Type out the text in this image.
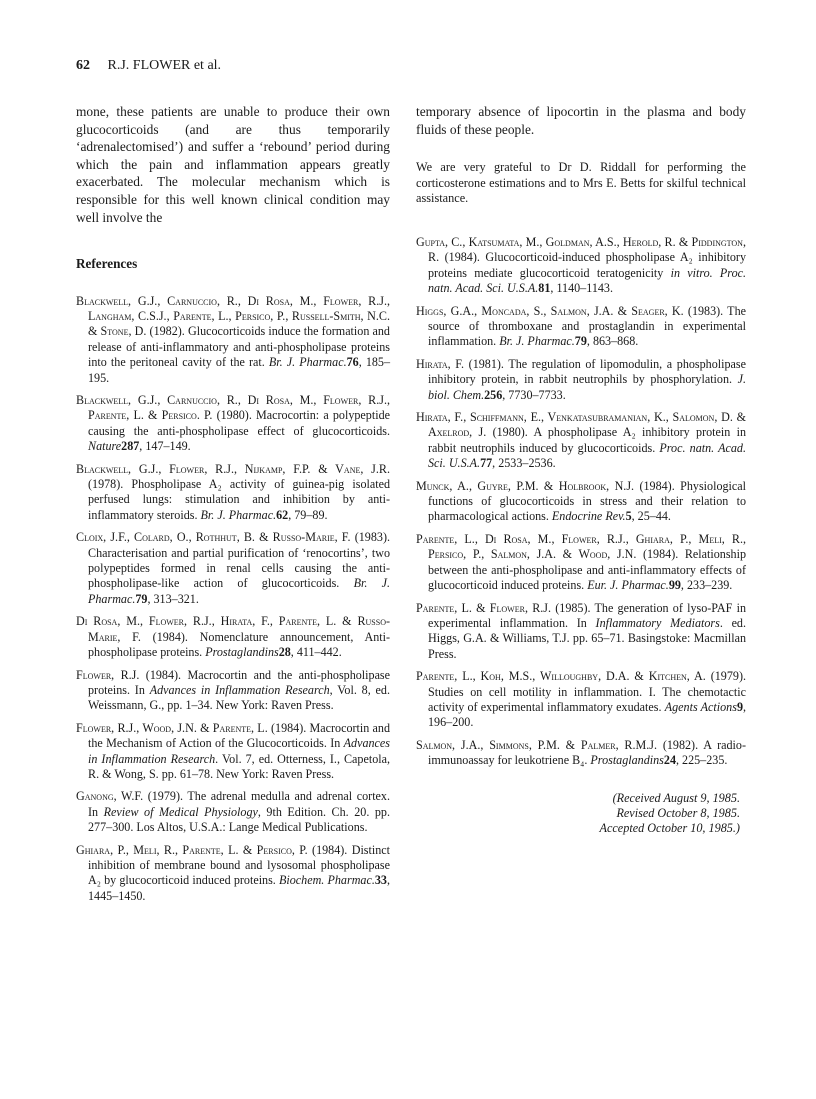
62 R.J. FLOWER et al.

mone, these patients are unable to produce their own glucocorticoids (and are thus temporarily ‘adrenalectomised’) and suffer a ‘rebound’ period during which the pain and inflammation appears greatly exacerbated. The molecular mechanism which is responsible for this well known clinical condition may well involve the

References

Blackwell, G.J., Carnuccio, R., Di Rosa, M., Flower, R.J., Langham, C.S.J., Parente, L., Persico, P., Russell-Smith, N.C. & Stone, D. (1982). Glucocorticoids induce the formation and release of anti-inflammatory and anti-phospholipase proteins into the peritoneal cavity of the rat. Br. J. Pharmac.76, 185–195.

Blackwell, G.J., Carnuccio, R., Di Rosa, M., Flower, R.J., Parente, L. & Persico. P. (1980). Macrocortin: a polypeptide causing the anti-phospholipase effect of glucocorticoids. Nature287, 147–149.

Blackwell, G.J., Flower, R.J., Nijkamp, F.P. & Vane, J.R. (1978). Phospholipase A₂ activity of guinea-pig isolated perfused lungs: stimulation and inhibition by anti-inflammatory steroids. Br. J. Pharmac.62, 79–89.

Cloix, J.F., Colard, O., Rothhut, B. & Russo-Marie, F. (1983). Characterisation and partial purification of ‘renocortins’, two polypeptides formed in renal cells causing the anti-phospholipase-like action of glucocorticoids. Br. J. Pharmac.79, 313–321.

Di Rosa, M., Flower, R.J., Hirata, F., Parente, L. & Russo-Marie, F. (1984). Nomenclature announcement, Anti-phospholipase proteins. Prostaglandins28, 411–442.

Flower, R.J. (1984). Macrocortin and the anti-phospholipase proteins. In Advances in Inflammation Research, Vol. 8, ed. Weissmann, G., pp. 1–34. New York: Raven Press.

Flower, R.J., Wood, J.N. & Parente, L. (1984). Macrocortin and the Mechanism of Action of the Glucocorticoids. In Advances in Inflammation Research. Vol. 7, ed. Otterness, I., Capetola, R. & Wong, S. pp. 61–78. New York: Raven Press.

Ganong, W.F. (1979). The adrenal medulla and adrenal cortex. In Review of Medical Physiology, 9th Edition. Ch. 20. pp. 277–300. Los Altos, U.S.A.: Lange Medical Publications.

Ghiara, P., Meli, R., Parente, L. & Persico, P. (1984). Distinct inhibition of membrane bound and lysosomal phospholipase A₂ by glucocorticoid induced proteins. Biochem. Pharmac.33, 1445–1450.

temporary absence of lipocortin in the plasma and body fluids of these people.

We are very grateful to Dr D. Riddall for performing the corticosterone estimations and to Mrs E. Betts for skilful technical assistance.

Gupta, C., Katsumata, M., Goldman, A.S., Herold, R. & Piddington, R. (1984). Glucocorticoid-induced phospholipase A₂ inhibitory proteins mediate glucocorticoid teratogenicity in vitro. Proc. natn. Acad. Sci. U.S.A.81, 1140–1143.

Higgs, G.A., Moncada, S., Salmon, J.A. & Seager, K. (1983). The source of thromboxane and prostaglandin in experimental inflammation. Br. J. Pharmac.79, 863–868.

Hirata, F. (1981). The regulation of lipomodulin, a phospholipase inhibitory protein, in rabbit neutrophils by phosphorylation. J. biol. Chem.256, 7730–7733.

Hirata, F., Schiffmann, E., Venkatasubramanian, K., Salomon, D. & Axelrod, J. (1980). A phospholipase A₂ inhibitory protein in rabbit neutrophils induced by glucocorticoids. Proc. natn. Acad. Sci. U.S.A.77, 2533–2536.

Munck, A., Guyre, P.M. & Holbrook, N.J. (1984). Physiological functions of glucocorticoids in stress and their relation to pharmacological actions. Endocrine Rev.5, 25–44.

Parente, L., Di Rosa, M., Flower, R.J., Ghiara, P., Meli, R., Persico, P., Salmon, J.A. & Wood, J.N. (1984). Relationship between the anti-phospholipase and anti-inflammatory effects of glucocorticoid induced proteins. Eur. J. Pharmac.99, 233–239.

Parente, L. & Flower, R.J. (1985). The generation of lyso-PAF in experimental inflammation. In Inflammatory Mediators. ed. Higgs, G.A. & Williams, T.J. pp. 65–71. Basingstoke: Macmillan Press.

Parente, L., Koh, M.S., Willoughby, D.A. & Kitchen, A. (1979). Studies on cell motility in inflammation. I. The chemotactic activity of experimental inflammatory exudates. Agents Actions9, 196–200.

Salmon, J.A., Simmons, P.M. & Palmer, R.M.J. (1982). A radio-immunoassay for leukotriene B₄. Prostaglandins24, 225–235.

(Received August 9, 1985.
Revised October 8, 1985.
Accepted October 10, 1985.)
